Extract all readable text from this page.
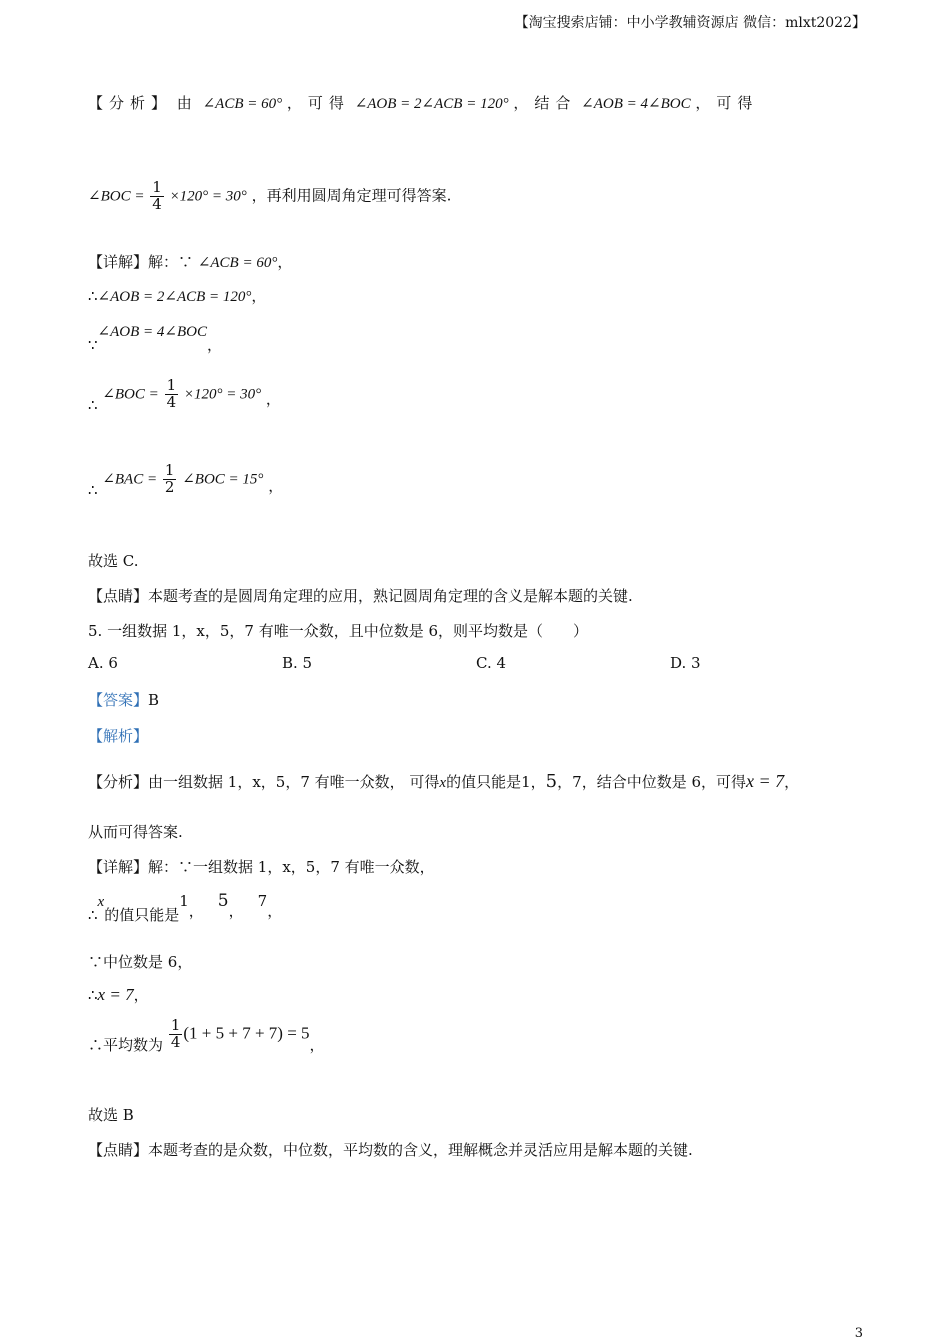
【淘宝搜索店铺：中小学教辅资源店 微信：mlxt2022】
【分析】 由 ∠ACB = 60° ，可得 ∠AOB = 2∠ACB = 120° ，结合 ∠AOB = 4∠BOC ，可得
∠BOC = $\frac{1}{4} \times 120^\circ = 30^\circ$ ，再利用圆周角定理可得答案.
【详解】解：∵ ∠ACB = 60°，
∴∠AOB = 2∠ACB = 120°，
∵∠AOB = 4∠BOC，
∴ ∠BOC = $\frac{1}{4} \times 120^\circ = 30^\circ$ ，
∴ ∠BAC = $\frac{1}{2}$ ∠BOC = 15° ，
故选 C.
【点睛】本题考查的是圆周角定理的应用，熟记圆周角定理的含义是解本题的关键.
5. 一组数据 1，x，5，7 有唯一众数，且中位数是 6，则平均数是（　　）
A. 6	B. 5	C. 4	D. 3
【答案】B
【解析】
【分析】由一组数据 1，x，5，7 有唯一众数， 可得x的值只能是1，5，7，结合中位数是 6，可得x = 7，
从而可得答案.
【详解】解：∵一组数据 1，x，5，7 有唯一众数，
∴x的值只能是1， 5，7，
∵中位数是 6，
∴x = 7，
∴平均数为 $\frac{1}{4} (1 + 5 + 7 + 7) = 5$，
故选 B
【点睛】本题考查的是众数，中位数，平均数的含义，理解概念并灵活应用是解本题的关键.
3
